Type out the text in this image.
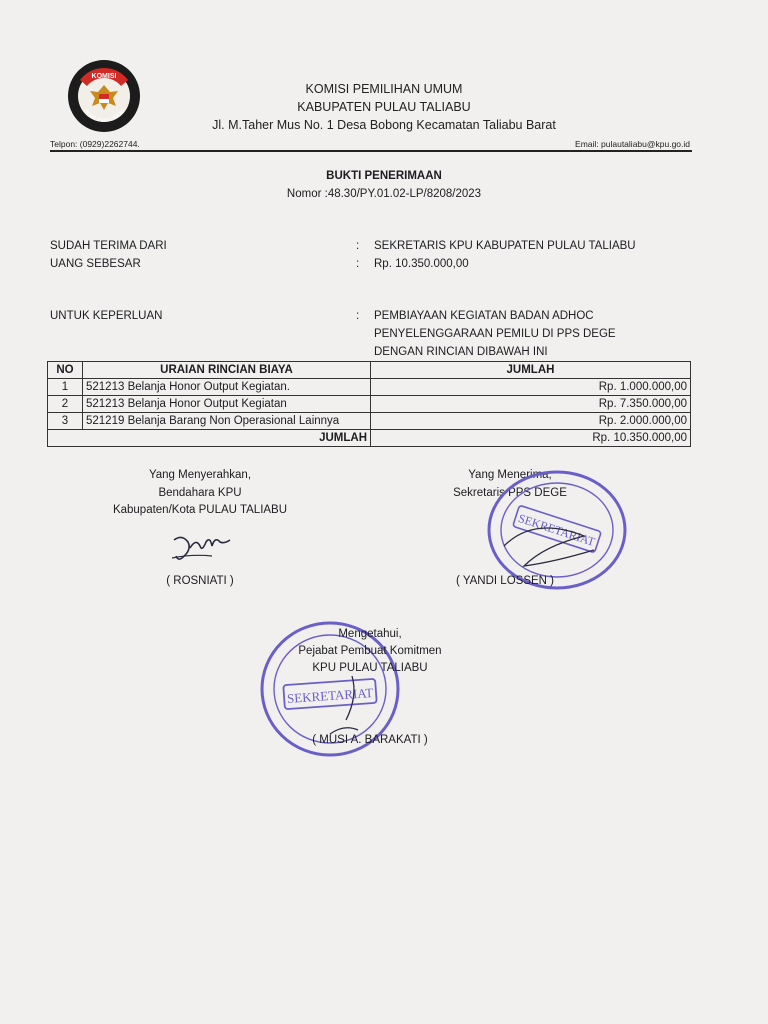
KOMISI
PEMILIHAN UMUM
KOMISI PEMILIHAN UMUM
KABUPATEN PULAU TALIABU
Jl. M.Taher Mus No. 1 Desa Bobong Kecamatan Taliabu Barat
Telpon: (0929)2262744.	Email: pulautaliabu@kpu.go.id
BUKTI PENERIMAAN
Nomor :48.30/PY.01.02-LP/8208/2023
SUDAH TERIMA DARI	: SEKRETARIS KPU KABUPATEN PULAU TALIABU
UANG SEBESAR	: Rp. 10.350.000,00
UNTUK KEPERLUAN	: PEMBIAYAAN KEGIATAN BADAN ADHOC
PENYELENGGARAAN PEMILU DI PPS DEGE
DENGAN RINCIAN DIBAWAH INI
NO	URAIAN RINCIAN BIAYA	JUMLAH
1	521213 Belanja Honor Output Kegiatan.	Rp. 1.000.000,00
2	521213 Belanja Honor Output Kegiatan	Rp. 7.350.000,00
3	521219 Belanja Barang Non Operasional Lainnya	Rp. 2.000.000,00
JUMLAH		Rp. 10.350.000,00
Yang Menyerahkan,
Bendahara KPU
Kabupaten/Kota PULAU TALIABU
( ROSNIATI )
Yang Menerima,
Sekretaris PPS DEGE
SEKRETARIAT
( YANDI LOSSEN )
SEKRETARIAT
Mengetahui,
Pejabat Pembuat Komitmen
KPU PULAU TALIABU
( MUSI A. BARAKATI )
